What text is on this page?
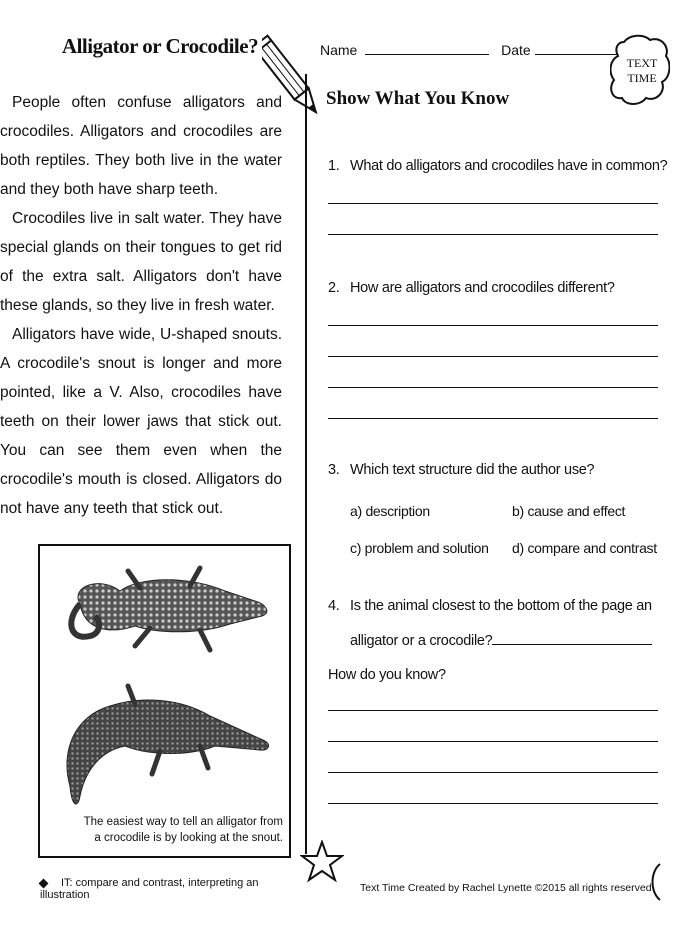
Alligator or Crocodile?

People often confuse alligators and crocodiles. Alligators and crocodiles are both reptiles. They both live in the water and they both have sharp teeth.

Crocodiles live in salt water. They have special glands on their tongues to get rid of the extra salt. Alligators don't have these glands, so they live in fresh water.

Alligators have wide, U-shaped snouts. A crocodile's snout is longer and more pointed, like a V. Also, crocodiles have teeth on their lower jaws that stick out. You can see them even when the crocodile's mouth is closed. Alligators do not have any teeth that stick out.

The easiest way to tell an alligator from a crocodile is by looking at the snout.
IT: compare and contrast, interpreting an illustration
Name	Date
Show What You Know
1. What do alligators and crocodiles have in common?
2. How are alligators and crocodiles different?
3. Which text structure did the author use?
a) description	b) cause and effect
c) problem and solution d) compare and contrast
4. Is the animal closest to the bottom of the page an
alligator or a crocodile?
How do you know?
TEXT
TIME
Text Time Created by Rachel Lynette ©2015 all rights reserved
